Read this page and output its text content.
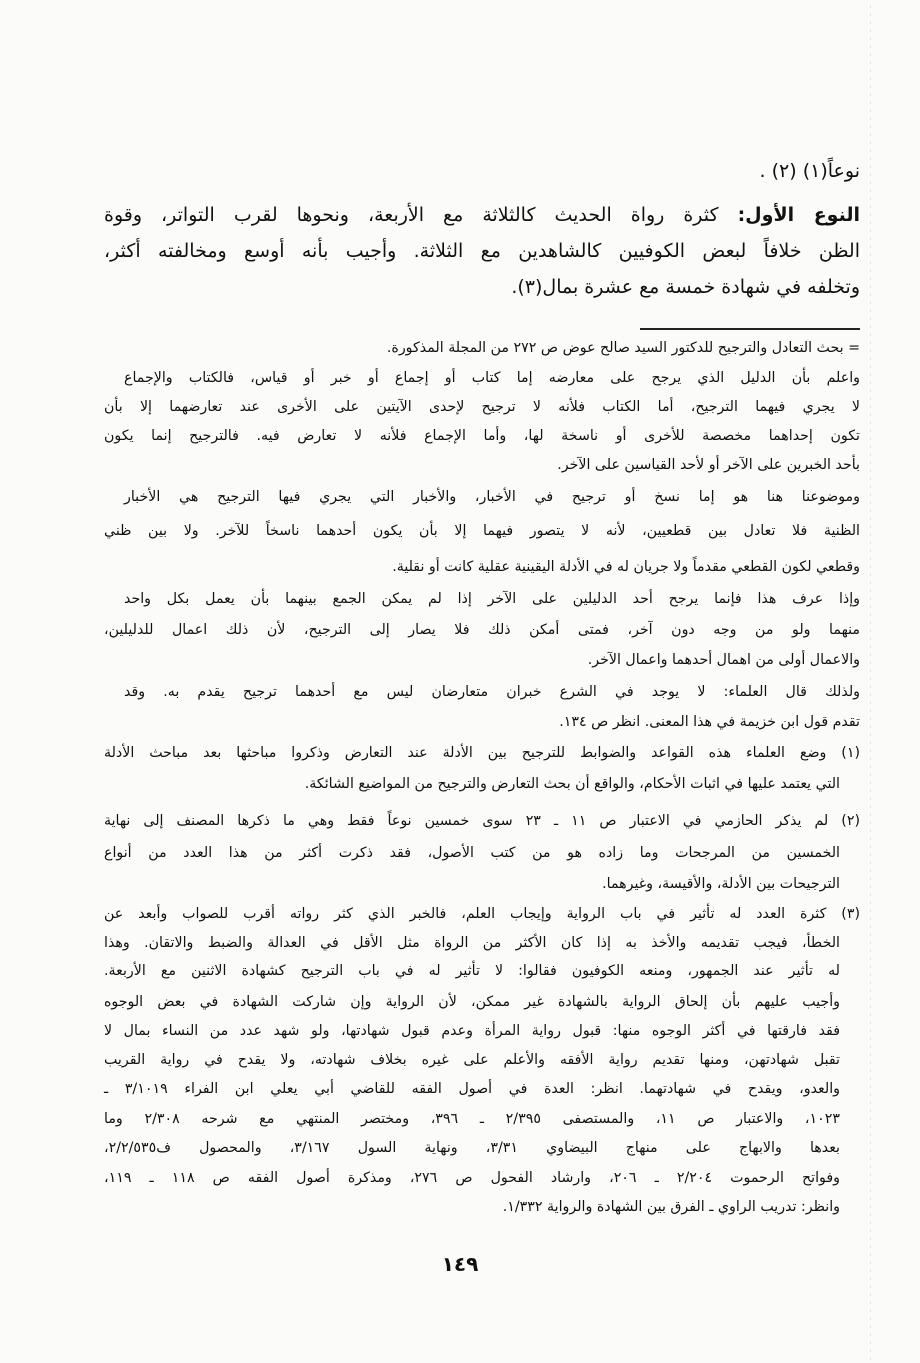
نوعاً(١) (٢) .
النوع الأول: كثرة رواة الحديث كالثلاثة مع الأربعة، ونحوها لقرب التواتر، وقوة
الظن خلافاً لبعض الكوفيين كالشاهدين مع الثلاثة. وأجيب بأنه أوسع ومخالفته أكثر،
وتخلفه في شهادة خمسة مع عشرة بمال(٣).
= بحث التعادل والترجيح للدكتور السيد صالح عوض ص ٢٧٢ من المجلة المذكورة.
واعلم بأن الدليل الذي يرجح على معارضه إما كتاب أو إجماع أو خبر أو قياس، فالكتاب والإجماع
لا يجري فيهما الترجيح، أما الكتاب فلأنه لا ترجيح لإحدى الآيتين على الأخرى عند تعارضهما إلا بأن
تكون إحداهما مخصصة للأخرى أو ناسخة لها، وأما الإجماع فلأنه لا تعارض فيه. فالترجيح إنما يكون
بأحد الخبرين على الآخر أو لأحد القياسين على الآخر.
وموضوعنا هنا هو إما نسخ أو ترجيح في الأخبار، والأخبار التي يجري فيها الترجيح هي الأخبار
الظنية فلا تعادل بين قطعيين، لأنه لا يتصور فيهما إلا بأن يكون أحدهما ناسخاً للآخر. ولا بين ظني
وقطعي لكون القطعي مقدماً ولا جريان له في الأدلة اليقينية عقلية كانت أو نقلية.
وإذا عرف هذا فإنما يرجح أحد الدليلين على الآخر إذا لم يمكن الجمع بينهما بأن يعمل بكل واحد
منهما ولو من وجه دون آخر، فمتى أمكن ذلك فلا يصار إلى الترجيح، لأن ذلك اعمال للدليلين،
والاعمال أولى من اهمال أحدهما واعمال الآخر.
ولذلك قال العلماء: لا يوجد في الشرع خبران متعارضان ليس مع أحدهما ترجيح يقدم به. وقد
تقدم قول ابن خزيمة في هذا المعنى. انظر ص ١٣٤.
(١) وضع العلماء هذه القواعد والضوابط للترجيح بين الأدلة عند التعارض وذكروا مباحثها بعد مباحث الأدلة
التي يعتمد عليها في اثبات الأحكام، والواقع أن بحث التعارض والترجيح من المواضيع الشائكة.
(٢) لم يذكر الحازمي في الاعتبار ص ١١ ـ ٢٣ سوى خمسين نوعاً فقط وهي ما ذكرها المصنف إلى نهاية
الخمسين من المرجحات وما زاده هو من كتب الأصول، فقد ذكرت أكثر من هذا العدد من أنواع
الترجيحات بين الأدلة، والأقيسة، وغيرهما.
(٣) كثرة العدد له تأثير في باب الرواية وإيجاب العلم، فالخبر الذي كثر رواته أقرب للصواب وأبعد عن
الخطأ، فيجب تقديمه والأخذ به إذا كان الأكثر من الرواة مثل الأقل في العدالة والضبط والاتقان. وهذا
له تأثير عند الجمهور، ومنعه الكوفيون فقالوا: لا تأثير له في باب الترجيح كشهادة الاثنين مع الأربعة.
وأجيب عليهم بأن إلحاق الرواية بالشهادة غير ممكن، لأن الرواية وإن شاركت الشهادة في بعض الوجوه
فقد فارقتها في أكثر الوجوه منها: قبول رواية المرأة وعدم قبول شهادتها، ولو شهد عدد من النساء بمال لا
تقبل شهادتهن، ومنها تقديم رواية الأفقه والأعلم على غيره بخلاف شهادته، ولا يقدح في رواية القريب
والعدو، ويقدح في شهادتهما. انظر: العدة في أصول الفقه للقاضي أبي يعلي ابن الفراء ٣/١٠١٩ ـ
١٠٢٣، والاعتبار ص ١١، والمستصفى ٢/٣٩٥ ـ ٣٩٦، ومختصر المنتهي مع شرحه ٢/٣٠٨ وما
بعدها والابهاج على منهاج البيضاوي ٣/٣١، ونهاية السول ٣/١٦٧، والمحصول ف٢/٢/٥٣٥،
وفواتح الرحموت ٢/٢٠٤ ـ ٢٠٦، وارشاد الفحول ص ٢٧٦، ومذكرة أصول الفقه ص ١١٨ ـ ١١٩،
وانظر: تدريب الراوي ـ الفرق بين الشهادة والرواية ١/٣٣٢.
١٤٩
